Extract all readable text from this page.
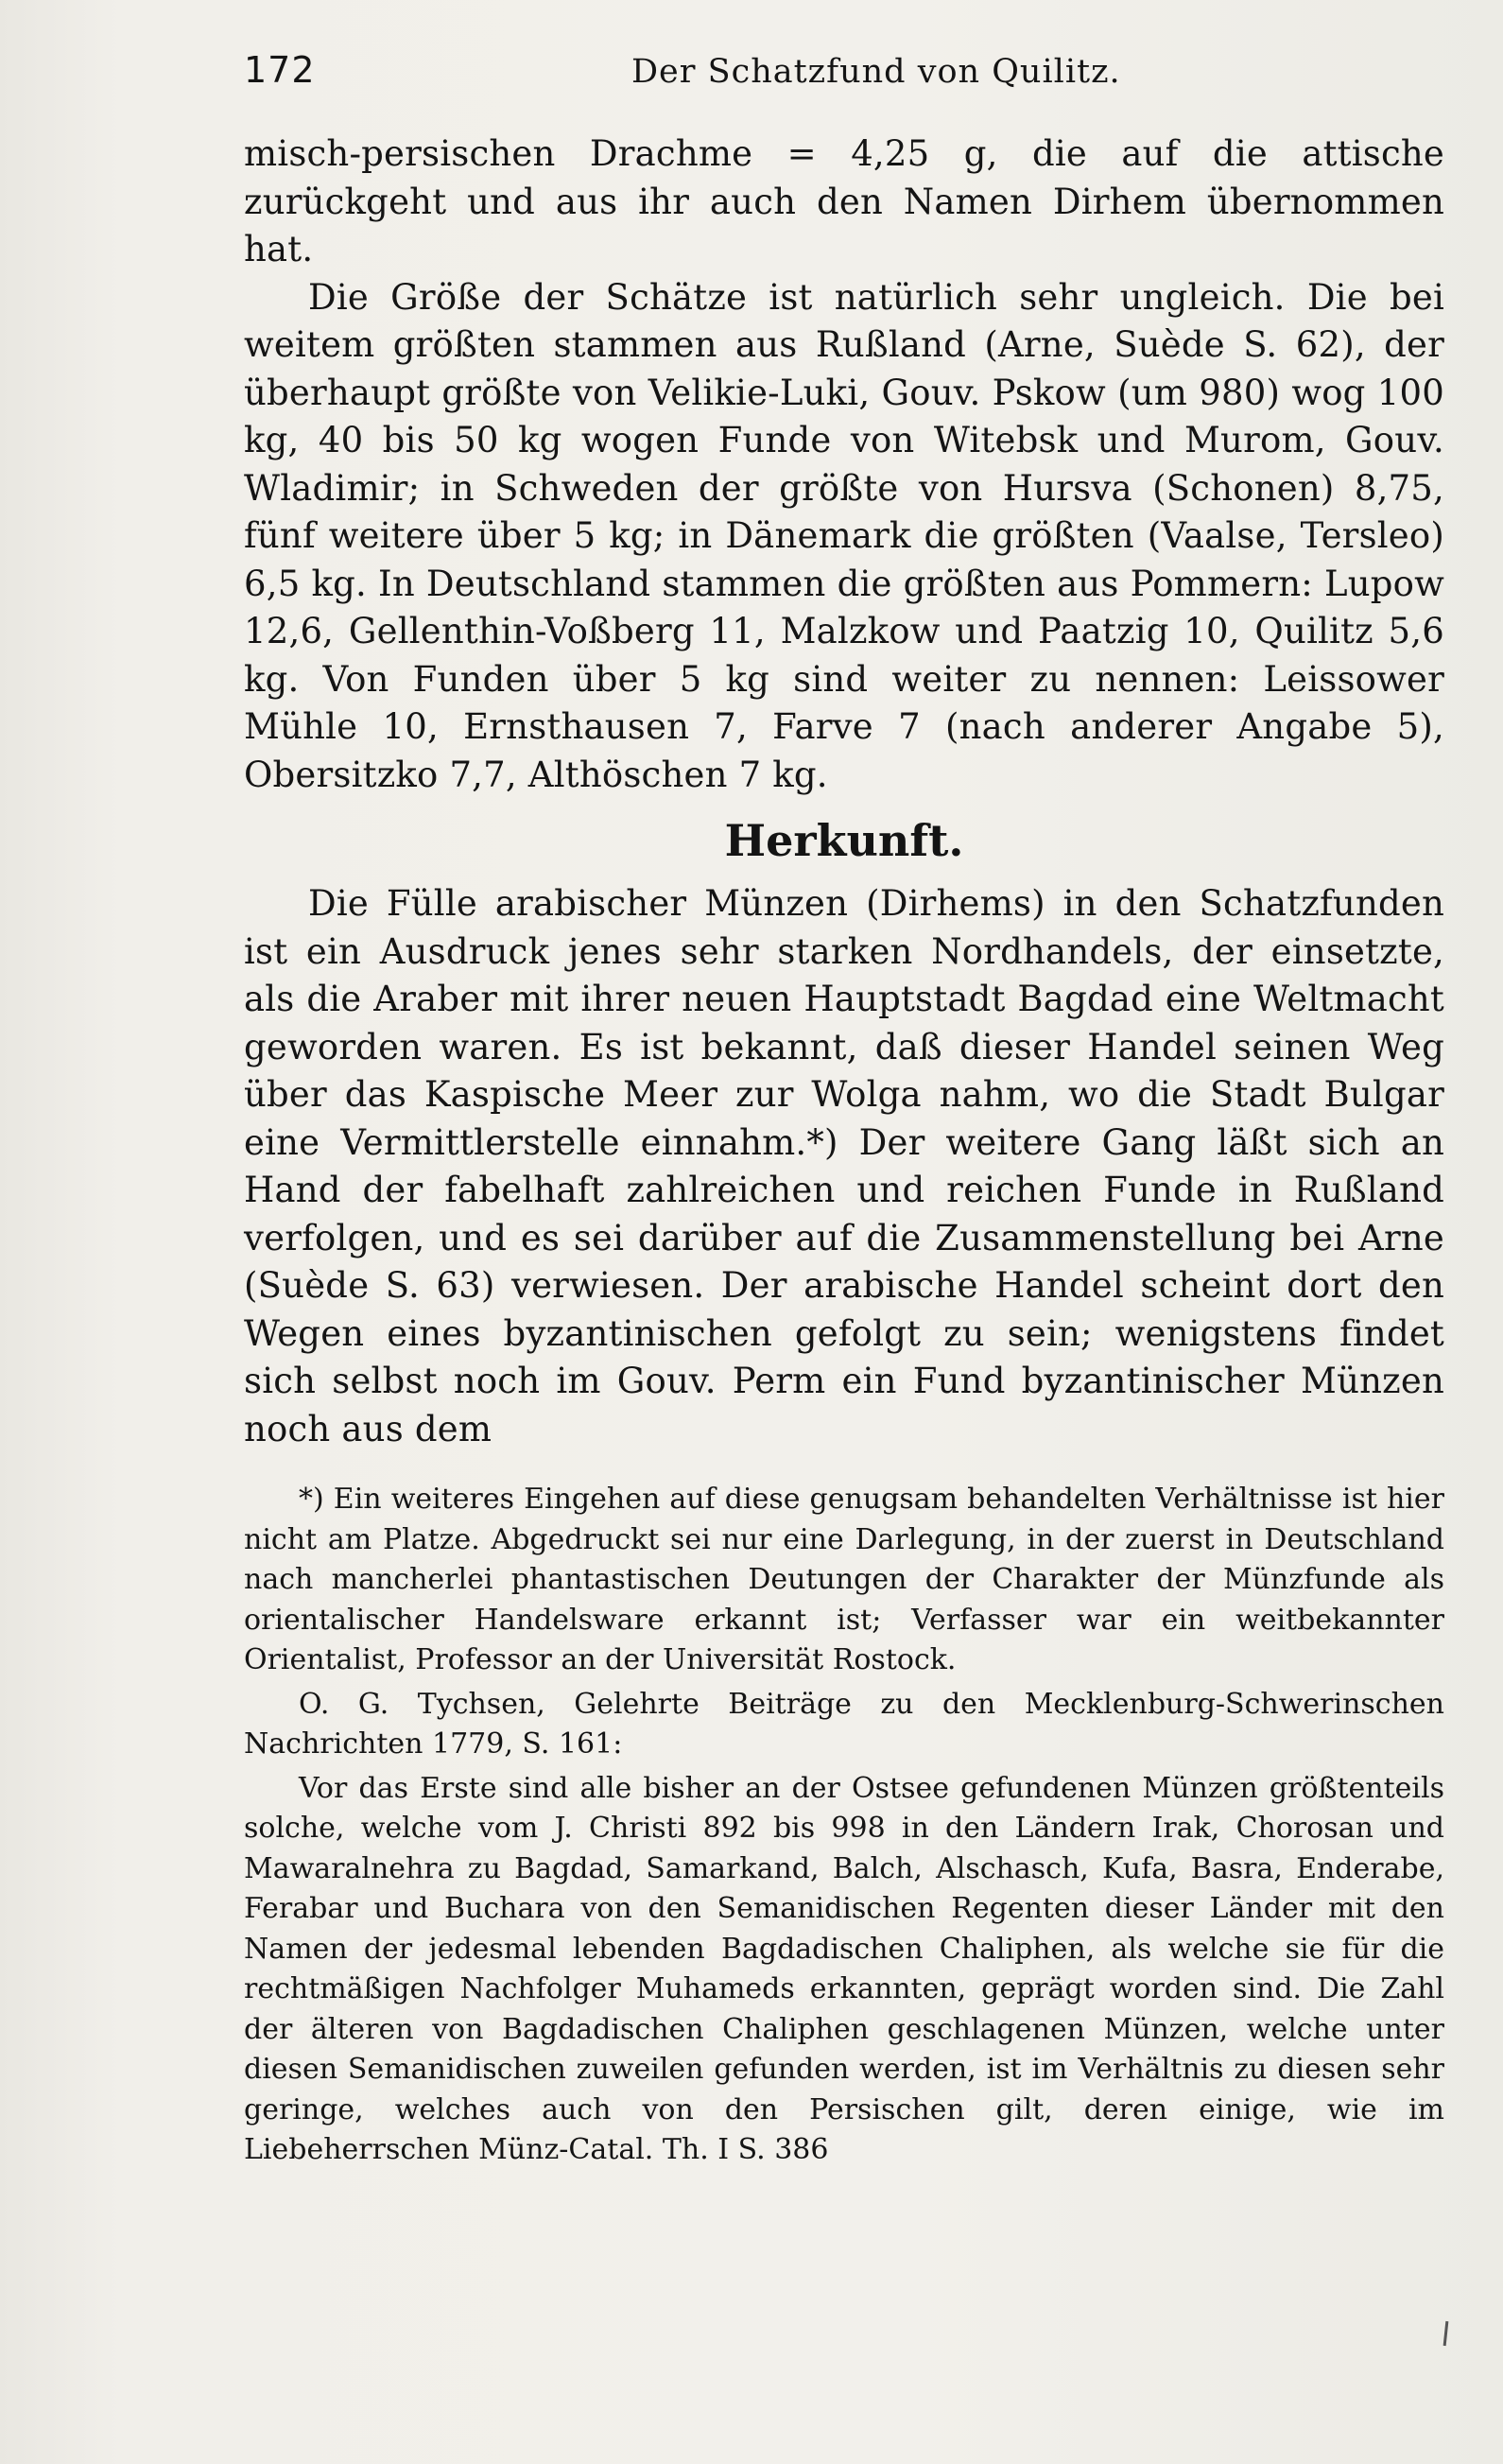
172	Der Schatzfund von Quilitz.

misch-persischen Drachme = 4,25 g, die auf die attische zurückgeht und aus ihr auch den Namen Dirhem übernommen hat.

Die Größe der Schätze ist natürlich sehr ungleich. Die bei weitem größten stammen aus Rußland (Arne, Suède S. 62), der überhaupt größte von Velikie-Luki, Gouv. Pskow (um 980) wog 100 kg, 40 bis 50 kg wogen Funde von Witebsk und Murom, Gouv. Wladimir; in Schweden der größte von Hursva (Schonen) 8,75, fünf weitere über 5 kg; in Dänemark die größten (Vaalse, Tersleo) 6,5 kg. In Deutschland stammen die größten aus Pommern: Lupow 12,6, Gellenthin-Voßberg 11, Malzkow und Paatzig 10, Quilitz 5,6 kg. Von Funden über 5 kg sind weiter zu nennen: Leissower Mühle 10, Ernsthausen 7, Farve 7 (nach anderer Angabe 5), Obersitzko 7,7, Althöschen 7 kg.

Herkunft.

Die Fülle arabischer Münzen (Dirhems) in den Schatzfunden ist ein Ausdruck jenes sehr starken Nordhandels, der einsetzte, als die Araber mit ihrer neuen Hauptstadt Bagdad eine Weltmacht geworden waren. Es ist bekannt, daß dieser Handel seinen Weg über das Kaspische Meer zur Wolga nahm, wo die Stadt Bulgar eine Vermittlerstelle einnahm.*) Der weitere Gang läßt sich an Hand der fabelhaft zahlreichen und reichen Funde in Rußland verfolgen, und es sei darüber auf die Zusammenstellung bei Arne (Suède S. 63) verwiesen. Der arabische Handel scheint dort den Wegen eines byzantinischen gefolgt zu sein; wenigstens findet sich selbst noch im Gouv. Perm ein Fund byzantinischer Münzen noch aus dem

*) Ein weiteres Eingehen auf diese genugsam behandelten Verhältnisse ist hier nicht am Platze. Abgedruckt sei nur eine Darlegung, in der zuerst in Deutschland nach mancherlei phantastischen Deutungen der Charakter der Münzfunde als orientalischer Handelsware erkannt ist; Verfasser war ein weitbekannter Orientalist, Professor an der Universität Rostock.

O. G. Tychsen, Gelehrte Beiträge zu den Mecklenburg-Schwerinschen Nachrichten 1779, S. 161:

Vor das Erste sind alle bisher an der Ostsee gefundenen Münzen größtenteils solche, welche vom J. Christi 892 bis 998 in den Ländern Irak, Chorosan und Mawaralnehra zu Bagdad, Samarkand, Balch, Alschasch, Kufa, Basra, Enderabe, Ferabar und Buchara von den Semanidischen Regenten dieser Länder mit den Namen der jedesmal lebenden Bagdadischen Chaliphen, als welche sie für die rechtmäßigen Nachfolger Muhameds erkannten, geprägt worden sind. Die Zahl der älteren von Bagdadischen Chaliphen geschlagenen Münzen, welche unter diesen Semanidischen zuweilen gefunden werden, ist im Verhältnis zu diesen sehr geringe, welches auch von den Persischen gilt, deren einige, wie im Liebeherrschen Münz-Catal. Th. I S. 386
